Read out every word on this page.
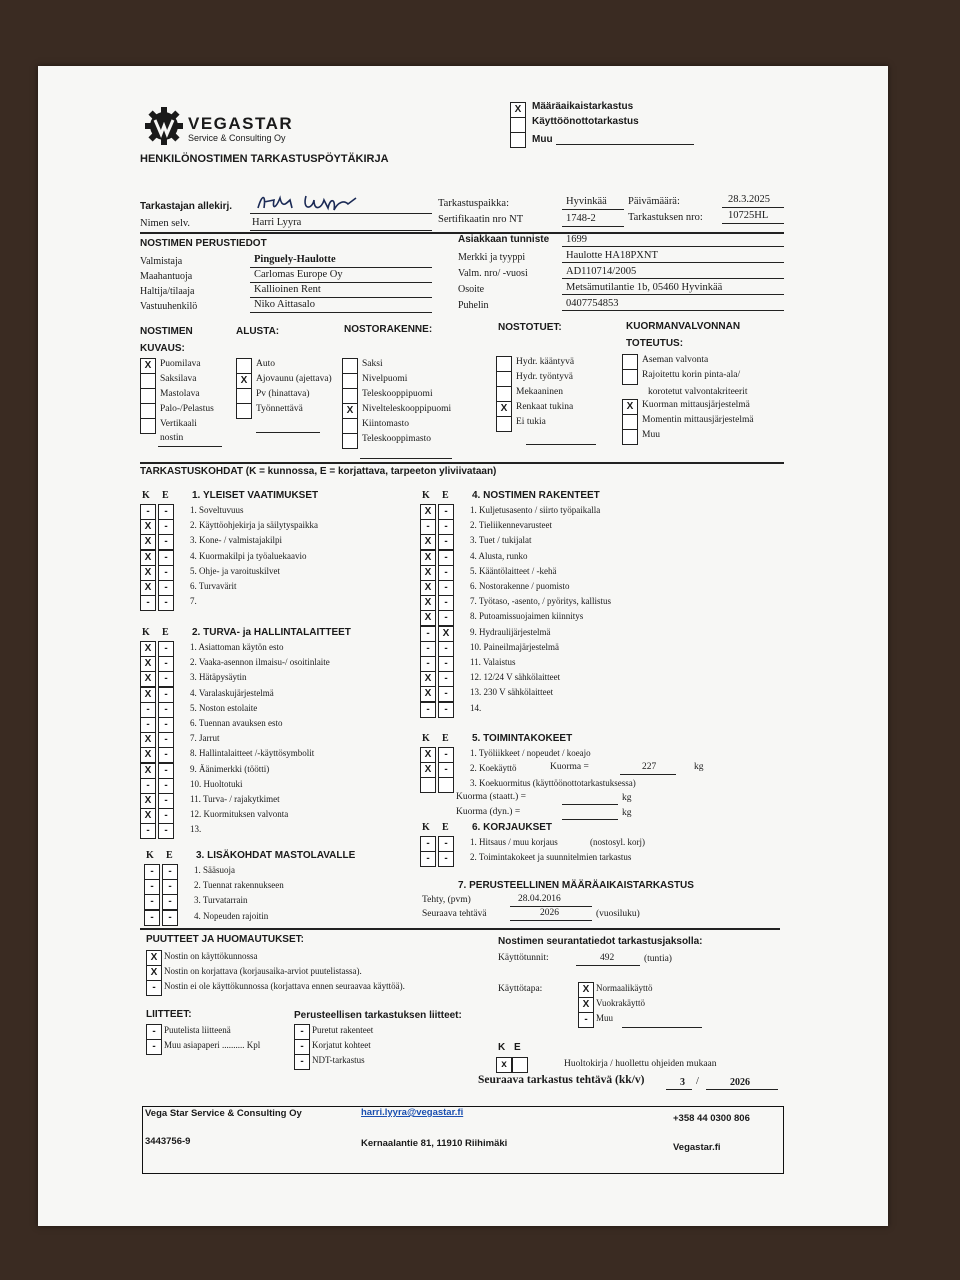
VEGASTAR
Service & Consulting Oy
HENKILÖNOSTIMEN TARKASTUSPÖYTÄKIRJA
X	Määräaikaistarkastus
Käyttöönottotarkastus
Muu
Tarkastajan allekirj.
Nimen selv.	Harri Lyyra
Tarkastuspaikka:	Hyvinkää Päivämäärä:	28.3.2025
Sertifikaatin nro NT	1748-2	Tarkastuksen nro: 10725HL
NOSTIMEN PERUSTIEDOT
Valmistaja	Pinguely-Haulotte
Maahantuoja	Carlomas Europe Oy
Haltija/tilaaja	Kallioinen Rent
Vastuuhenkilö	Niko Aittasalo
Asiakkaan tunniste 1699
Merkki ja tyyppi	Haulotte HA18PXNT
Valm. nro/ -vuosi	AD110714/2005
Osoite	Metsämutilantie 1b, 05460 Hyvinkää
Puhelin	0407754853
NOSTIMEN
KUVAUS:
ALUSTA:	NOSTORAKENNE:	NOSTOTUET:	KUORMANVALVONNAN
TOTEUTUS:
X Puomilava
Saksilava
Mastolava
Palo-/Pelastus
Vertikaali
Auto
X Ajovaunu (ajettava)
Pv (hinattava)
Työnnettävä
Saksi
Nivelpuomi
Teleskooppipuomi
X Nivelteleskooppipuomi
Kiintomasto
Teleskooppimasto
Hydr. kääntyvä
Hydr. työntyvä
Mekaaninen
X Renkaat tukina
Ei tukia
Aseman valvonta
Rajoitettu korin pinta-ala/
X Kuorman mittausjärjestelmä
Momentin mittausjärjestelmä
Muu
nostin
korotetut valvontakriteerit
TARKASTUSKOHDAT (K = kunnossa, E = korjattava, tarpeeton yliviivataan)
K E 1. YLEISET VAATIMUKSET
-	-	1. Soveltuvuus
X	-	2. Käyttöohjekirja ja säilytyspaikka
X	-	3. Kone- / valmistajakilpi
X	-	4. Kuormakilpi ja työaluekaavio
X	-	5. Ohje- ja varoituskilvet
X	-	6. Turvavärit
-	-	7.
K E 2. TURVA- ja HALLINTALAITTEET
X	-	1. Asiattoman käytön esto
X	-	2. Vaaka-asennon ilmaisu-/ osoitinlaite
X	-	3. Hätäpysäytin
X	-	4. Varalaskujärjestelmä
-	-	5. Noston estolaite
-	-	6. Tuennan avauksen esto
X	-	7. Jarrut
X	-	8. Hallintalaitteet /-käyttösymbolit
X	-	9. Äänimerkki (töötti)
-	-	10. Huoltotuki
X	-	11. Turva- / rajakytkimet
X	-	12. Kuormituksen valvonta
-	-	13.
K E 3. LISÄKOHDAT MASTOLAVALLE
-	-	1. Sääsuoja
-	-	2. Tuennat rakennukseen
-	-	3. Turvatarrain
-	-	4. Nopeuden rajoitin
K E 4. NOSTIMEN RAKENTEET
X	-	1. Kuljetusasento / siirto työpaikalla
-	-	2. Tieliikennevarusteet
X	-	3. Tuet / tukijalat
X	-	4. Alusta, runko
X	-	5. Kääntölaitteet / -kehä
X	-	6. Nostorakenne / puomisto
X	-	7. Työtaso, -asento, / pyöritys, kallistus
X	-	8. Putoamissuojaimen kiinnitys
-	X	9. Hydraulijärjestelmä
-	-	10. Paineilmajärjestelmä
-	-	11. Valaistus
X	-	12. 12/24 V sähkölaitteet
X	-	13. 230 V sähkölaitteet
-	-	14.
K E 5. TOIMINTAKOKEET
X	-	1. Työliikkeet / nopeudet / koeajo
X	-	2. Koekäyttö
3. Koekuormitus (käyttöönottotarkastuksessa)
K E 6. KORJAUKSET
-	-	1. Hitsaus / muu korjaus	(nostosyl. korj)
-	-	2. Toimintakokeet ja suunnitelmien tarkastus
Kuorma =	227	kg
Kuorma (staatt.) =	kg
Kuorma (dyn.) =	kg
7. PERUSTEELLINEN MÄÄRÄAIKAISTARKASTUS
Tehty, (pvm)	28.04.2016
Seuraava tehtävä	2026	(vuosiluku)
PUUTTEET JA HUOMAUTUKSET:
X Nostin on käyttökunnossa
X Nostin on korjattava (korjausaika-arviot puutelistassa).
- Nostin ei ole käyttökunnossa (korjattava ennen seuraavaa käyttöä).	X Normaalikäyttö
X Vuokrakäyttö
- Muu
Nostimen seurantatiedot tarkastusjaksolla:
Käyttötunnit:	492	(tuntia)
Käyttötapa:
LIITTEET:	Perusteellisen tarkastuksen liitteet:
- Puutelista liitteenä
- Muu asiapaperi .......... Kpl
- Puretut rakenteet
- Korjatut kohteet
- NDT-tarkastus
K E
x	Huoltokirja / huollettu ohjeiden mukaan
Seuraava tarkastus tehtävä (kk/v)	3 /	2026
Vega Star Service & Consulting Oy	harri.lyyra@vegastar.fi
+358 44 0300 806
3443756-9	Kernaalantie 81, 11910 Riihimäki	Vegastar.fi
